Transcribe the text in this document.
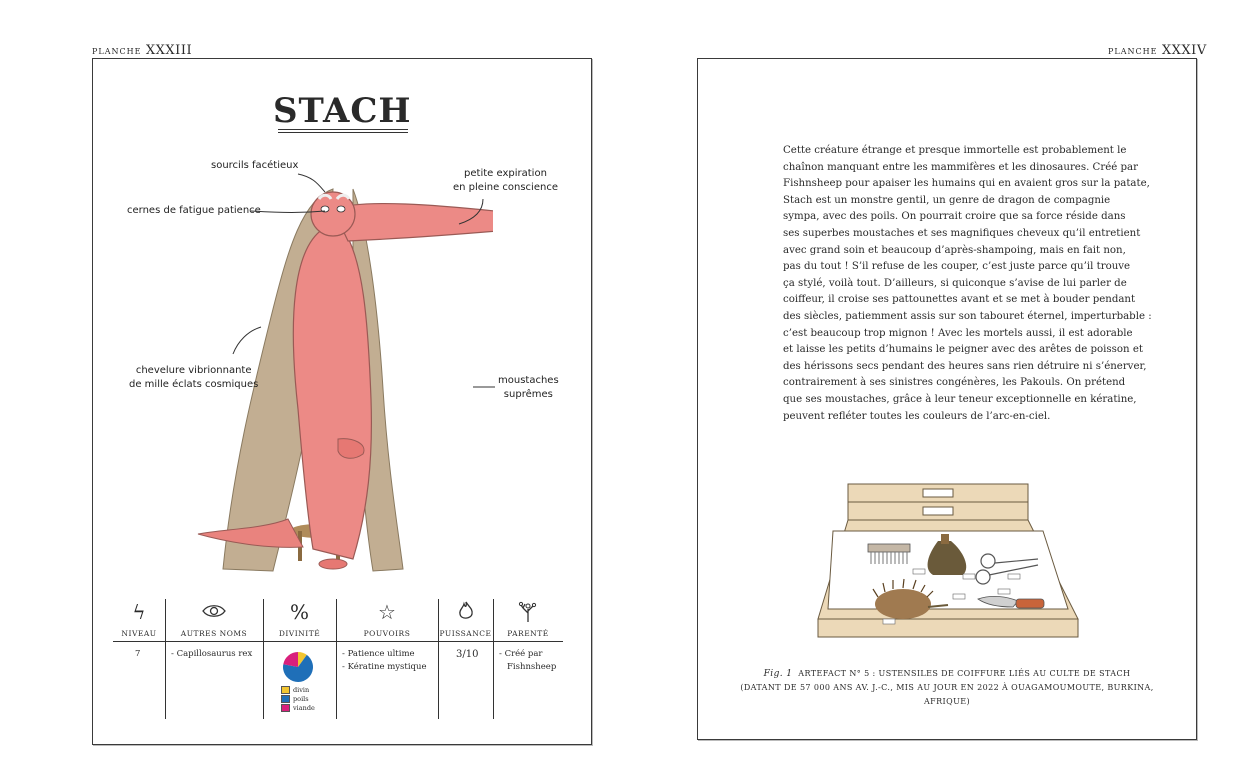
planche XXXIII	planche XXXIV
STACH
sourcils facétieux
cernes de fatigue patience
petite expiration
en pleine conscience
chevelure vibrionnante
de mille éclats cosmiques	moustaches
suprêmes
ϟ
NIVEAU
7
AUTRES NOMS
- Capillosaurus rex
%
DIVINITÉ
divin
poils
viande
☆
POUVOIRS
- Patience ultime
- Kératine mystique
PUISSANCE
3/10
PARENTÉ
- Créé par
Fishnsheep

Cette créature étrange et presque immortelle est probablement le

chaînon manquant entre les mammifères et les dinosaures. Créé par

Fishnsheep pour apaiser les humains qui en avaient gros sur la patate,

Stach est un monstre gentil, un genre de dragon de compagnie

sympa, avec des poils. On pourrait croire que sa force réside dans

ses superbes moustaches et ses magnifiques cheveux qu’il entretient

avec grand soin et beaucoup d’après-shampoing, mais en fait non,

pas du tout ! S’il refuse de les couper, c’est juste parce qu’il trouve

ça stylé, voilà tout. D’ailleurs, si quiconque s’avise de lui parler de

coiffeur, il croise ses pattounettes avant et se met à bouder pendant

des siècles, patiemment assis sur son tabouret éternel, imperturbable :

c’est beaucoup trop mignon ! Avec les mortels aussi, il est adorable

et laisse les petits d’humains le peigner avec des arêtes de poisson et

des hérissons secs pendant des heures sans rien détruire ni s’énerver,

contrairement à ses sinistres congénères, les Pakouls. On prétend

que ses moustaches, grâce à leur teneur exceptionnelle en kératine,

peuvent refléter toutes les couleurs de l’arc-en-ciel.

Fig. 1 ARTEFACT N° 5 : USTENSILES DE COIFFURE LIÉS AU CULTE DE STACH
(DATANT DE 57 000 ANS AV. J.-C., MIS AU JOUR EN 2022 À OUAGAMOUMOUTE, BURKINA, AFRIQUE)
